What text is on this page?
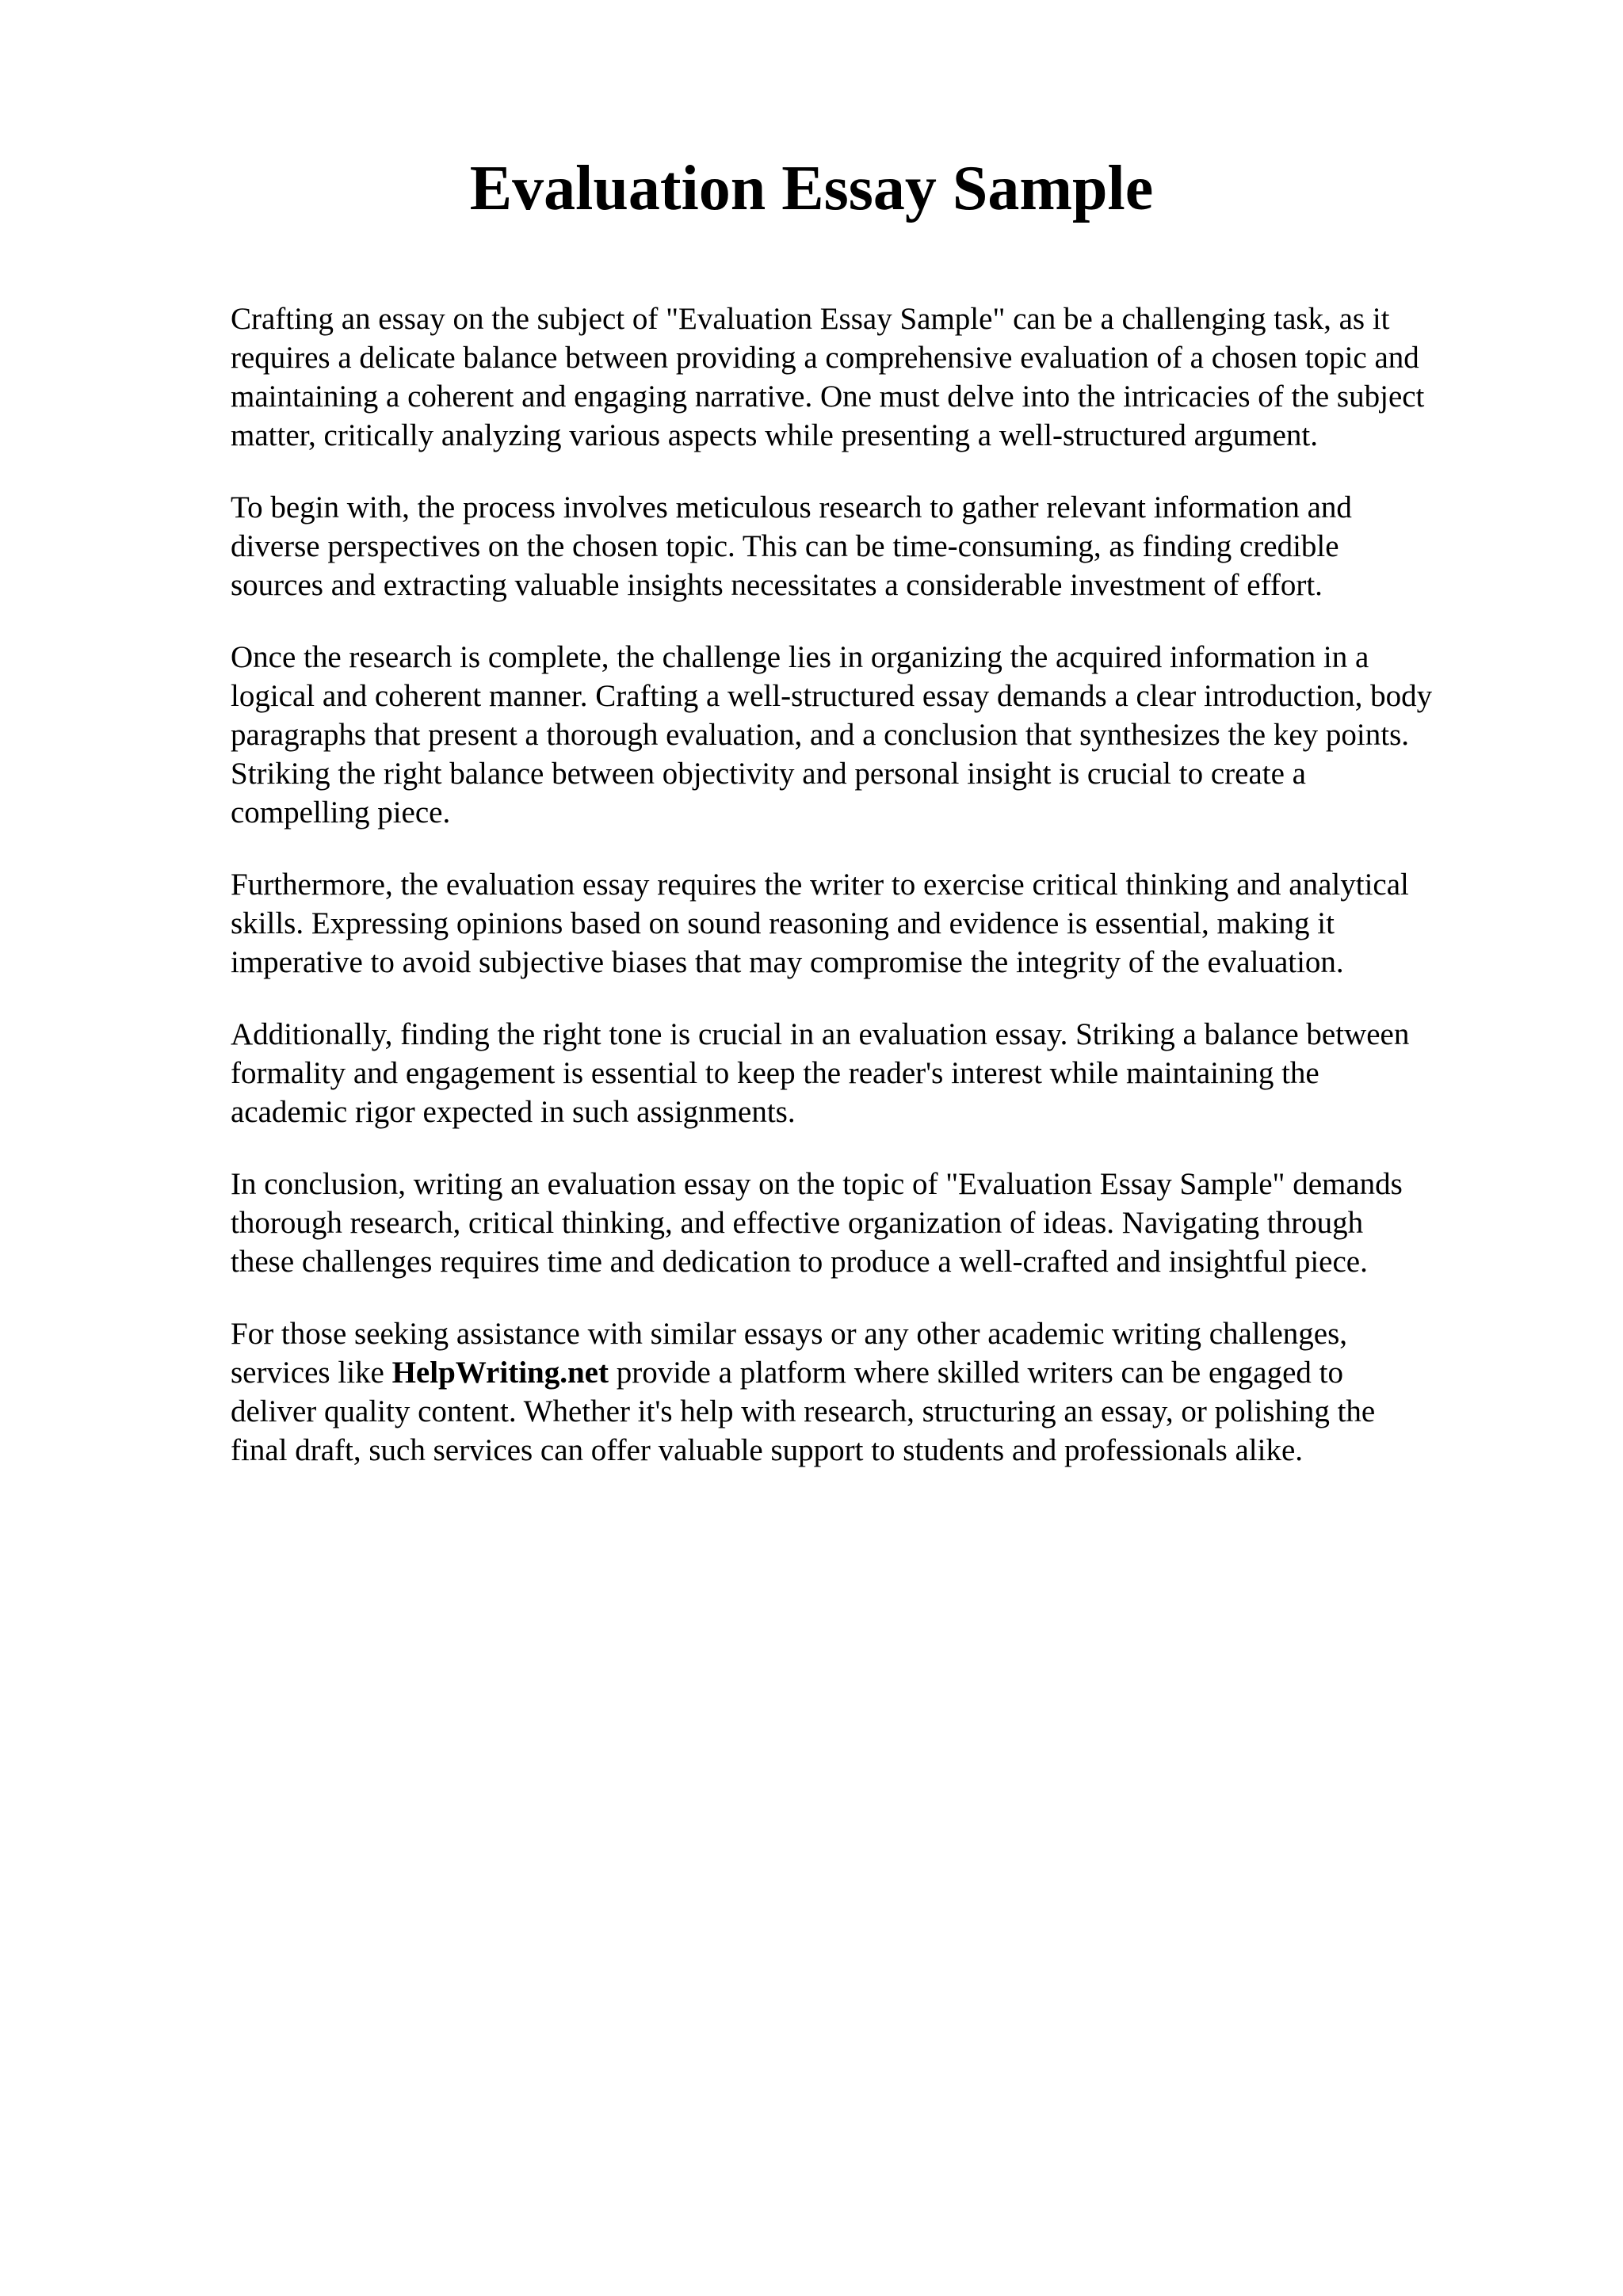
Evaluation Essay Sample

Crafting an essay on the subject of "Evaluation Essay Sample" can be a challenging task, as it
requires a delicate balance between providing a comprehensive evaluation of a chosen topic and
maintaining a coherent and engaging narrative. One must delve into the intricacies of the subject
matter, critically analyzing various aspects while presenting a well-structured argument.

To begin with, the process involves meticulous research to gather relevant information and
diverse perspectives on the chosen topic. This can be time-consuming, as finding credible
sources and extracting valuable insights necessitates a considerable investment of effort.

Once the research is complete, the challenge lies in organizing the acquired information in a
logical and coherent manner. Crafting a well-structured essay demands a clear introduction, body
paragraphs that present a thorough evaluation, and a conclusion that synthesizes the key points.
Striking the right balance between objectivity and personal insight is crucial to create a
compelling piece.

Furthermore, the evaluation essay requires the writer to exercise critical thinking and analytical
skills. Expressing opinions based on sound reasoning and evidence is essential, making it
imperative to avoid subjective biases that may compromise the integrity of the evaluation.

Additionally, finding the right tone is crucial in an evaluation essay. Striking a balance between
formality and engagement is essential to keep the reader's interest while maintaining the
academic rigor expected in such assignments.

In conclusion, writing an evaluation essay on the topic of "Evaluation Essay Sample" demands
thorough research, critical thinking, and effective organization of ideas. Navigating through
these challenges requires time and dedication to produce a well-crafted and insightful piece.

For those seeking assistance with similar essays or any other academic writing challenges,
services like HelpWriting.net provide a platform where skilled writers can be engaged to
deliver quality content. Whether it's help with research, structuring an essay, or polishing the
final draft, such services can offer valuable support to students and professionals alike.
